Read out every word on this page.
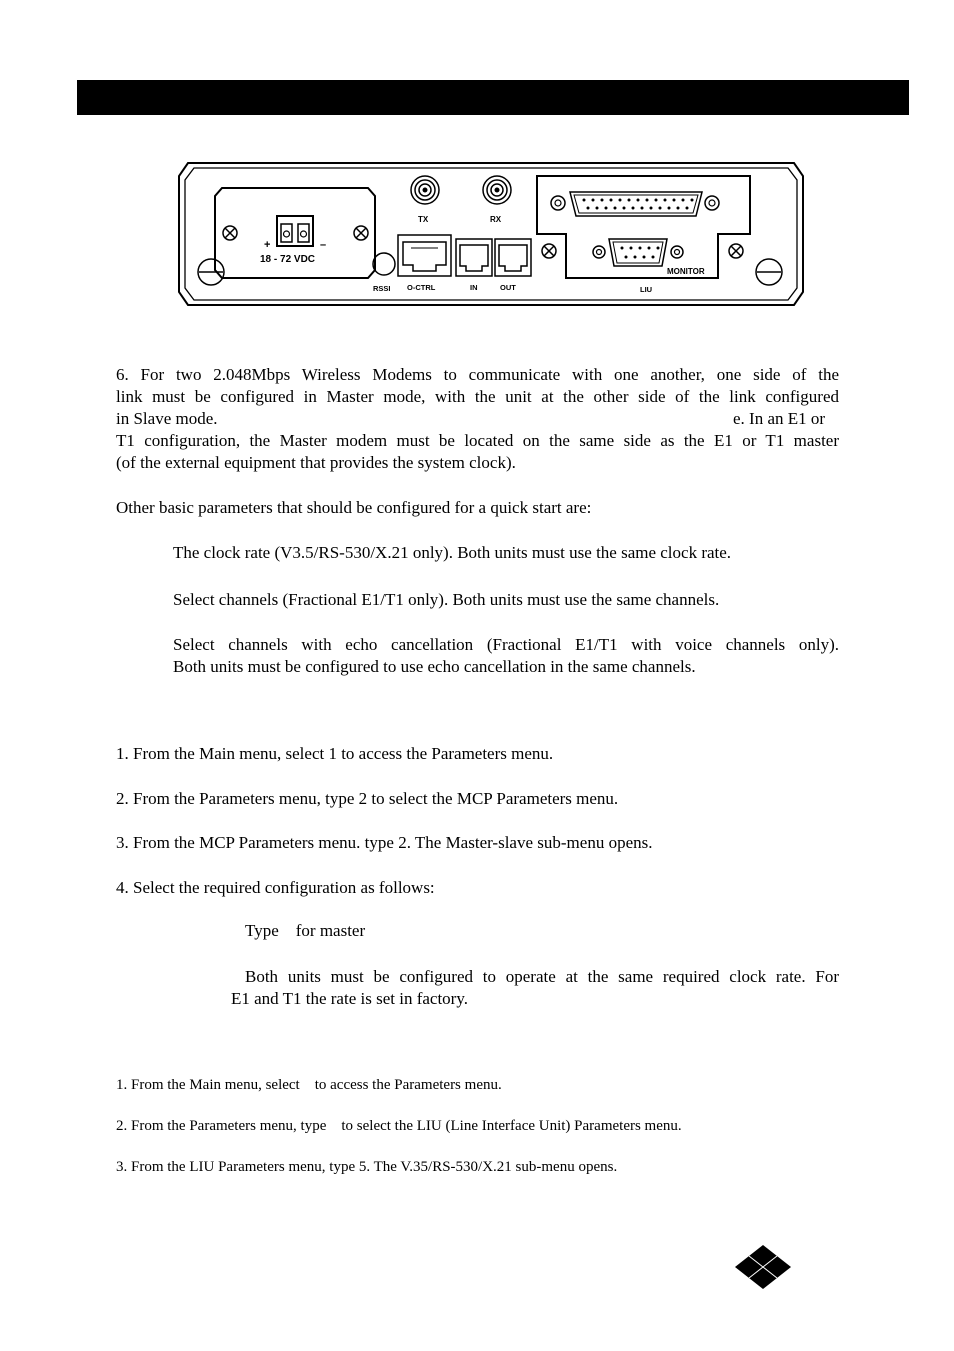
+	–
18 - 72 VDC
RSSI
TX	RX
O-CTRL	IN	OUT
MONITOR
LIU

6. For two 2.048Mbps Wireless Modems to communicate with one another, one side of the

link must be configured in Master mode, with the unit at the other side of the link configured

in Slave mode.	e. In an E1 or

T1 configuration, the Master modem must be located on the same side as the E1 or T1 master

(of the external equipment that provides the system clock).

Other basic parameters that should be configured for a quick start are:

The clock rate (V3.5/RS-530/X.21 only). Both units must use the same clock rate.

Select channels (Fractional E1/T1 only). Both units must use the same channels.

Select channels with echo cancellation (Fractional E1/T1 with voice channels only).

Both units must be configured to use echo cancellation in the same channels.

1. From the Main menu, select 1 to access the Parameters menu.

2. From the Parameters menu, type 2 to select the MCP Parameters menu.

3. From the MCP Parameters menu. type 2. The Master-slave sub-menu opens.

4. Select the required configuration as follows:

Type    for master

Both units must be configured to operate at the same required clock rate. For

E1 and T1 the rate is set in factory.

1. From the Main menu, select    to access the Parameters menu.

2. From the Parameters menu, type    to select the LIU (Line Interface Unit) Parameters menu.

3. From the LIU Parameters menu, type 5. The V.35/RS-530/X.21 sub-menu opens.
